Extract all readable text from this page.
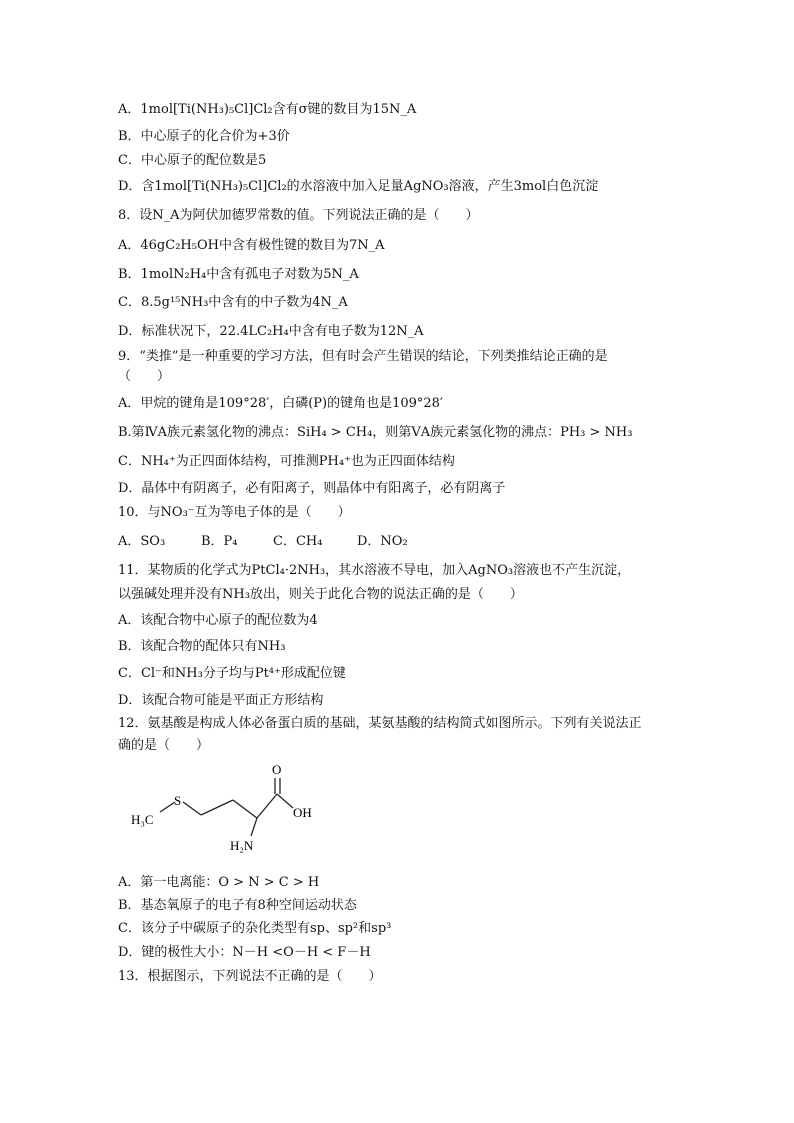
A．1mol[Ti(NH₃)₅Cl]Cl₂含有σ键的数目为15N_A
B．中心原子的化合价为+3价
C．中心原子的配位数是5
D．含1mol[Ti(NH₃)₅Cl]Cl₂的水溶液中加入足量AgNO₃溶液，产生3mol白色沉淀
8．设N_A为阿伏加德罗常数的值。下列说法正确的是（　　）
A．46gC₂H₅OH中含有极性键的数目为7N_A
B．1molN₂H₄中含有孤电子对数为5N_A
C．8.5g¹⁵NH₃中含有的中子数为4N_A
D．标准状况下，22.4LC₂H₄中含有电子数为12N_A
9．“类推”是一种重要的学习方法，但有时会产生错误的结论，下列类推结论正确的是
（　　）
A．甲烷的键角是109°28′，白磷(P)的键角也是109°28′
B.第ⅣA族元素氢化物的沸点：SiH₄ > CH₄，则第ⅤA族元素氢化物的沸点：PH₃ > NH₃
C．NH₄⁺为正四面体结构，可推测PH₄⁺也为正四面体结构
D．晶体中有阴离子，必有阳离子，则晶体中有阳离子，必有阴离子
10．与NO₃⁻互为等电子体的是（　　）
A．SO₃	B．P₄	C．CH₄	D．NO₂
11．某物质的化学式为PtCl₄·2NH₃，其水溶液不导电，加入AgNO₃溶液也不产生沉淀，
以强碱处理并没有NH₃放出，则关于此化合物的说法正确的是（　　）
A．该配合物中心原子的配位数为4
B．该配合物的配体只有NH₃
C．Cl⁻和NH₃分子均与Pt⁴⁺形成配位键
D．该配合物可能是平面正方形结构
12．氨基酸是构成人体必备蛋白质的基础，某氨基酸的结构简式如图所示。下列有关说法正
确的是（　　）
O
OH
S
H₃C
H₂N
A．第一电离能：O > N > C > H
B．基态氧原子的电子有8种空间运动状态
C．该分子中碳原子的杂化类型有sp、sp²和sp³
D．键的极性大小：N－H <O－H < F－H
13．根据图示，下列说法不正确的是（　　）
